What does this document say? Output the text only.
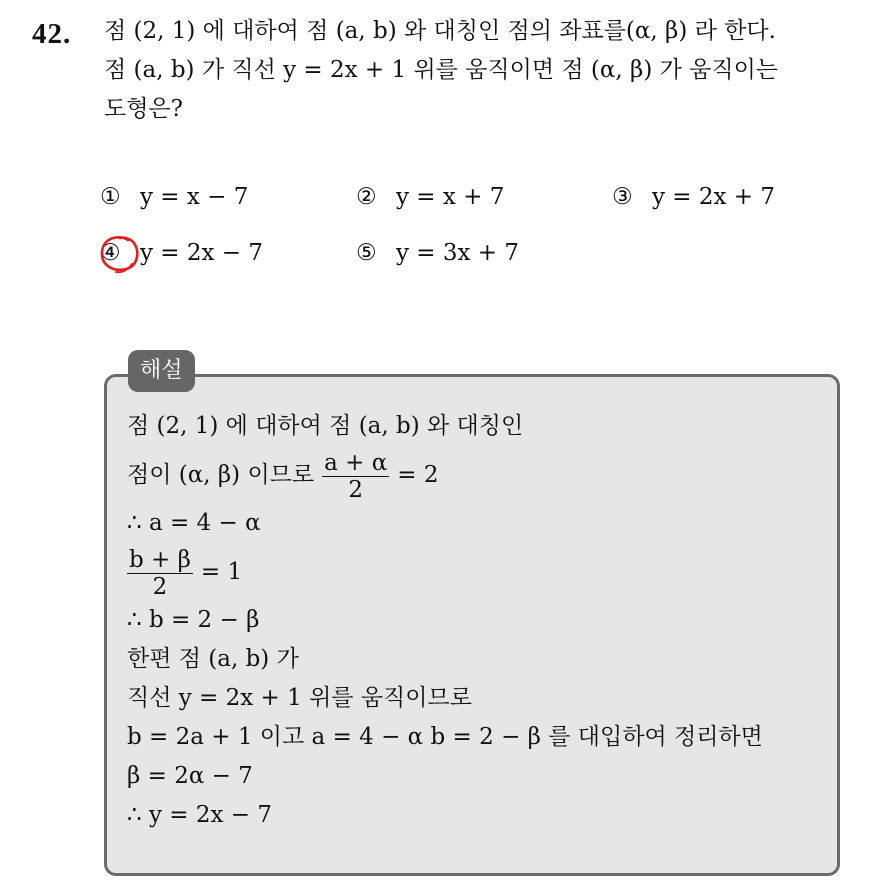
42. 점 (2, 1) 에 대하여 점 (a, b) 와 대칭인 점의 좌표를(α, β) 라 한다.
점 (a, b) 가 직선 y = 2x + 1 위를 움직이면 점 (α, β) 가 움직이는
도형은?
① y = x − 7	② y = x + 7	③ y = 2x + 7
④ y = 2x − 7	⑤ y = 3x + 7
점 (2, 1) 에 대하여 점 (a, b) 와 대칭인
점이 (α, β) 이므로 $\frac{a + \alpha}{2} = 2$
∴ a = 4 − α
$\frac{b + \beta}{2} = 1$
∴ b = 2 − β
한편 점 (a, b) 가
직선 y = 2x + 1 위를 움직이므로
b = 2a + 1 이고 a = 4 − α b = 2 − β 를 대입하여 정리하면
β = 2α − 7
∴ y = 2x − 7
해설
